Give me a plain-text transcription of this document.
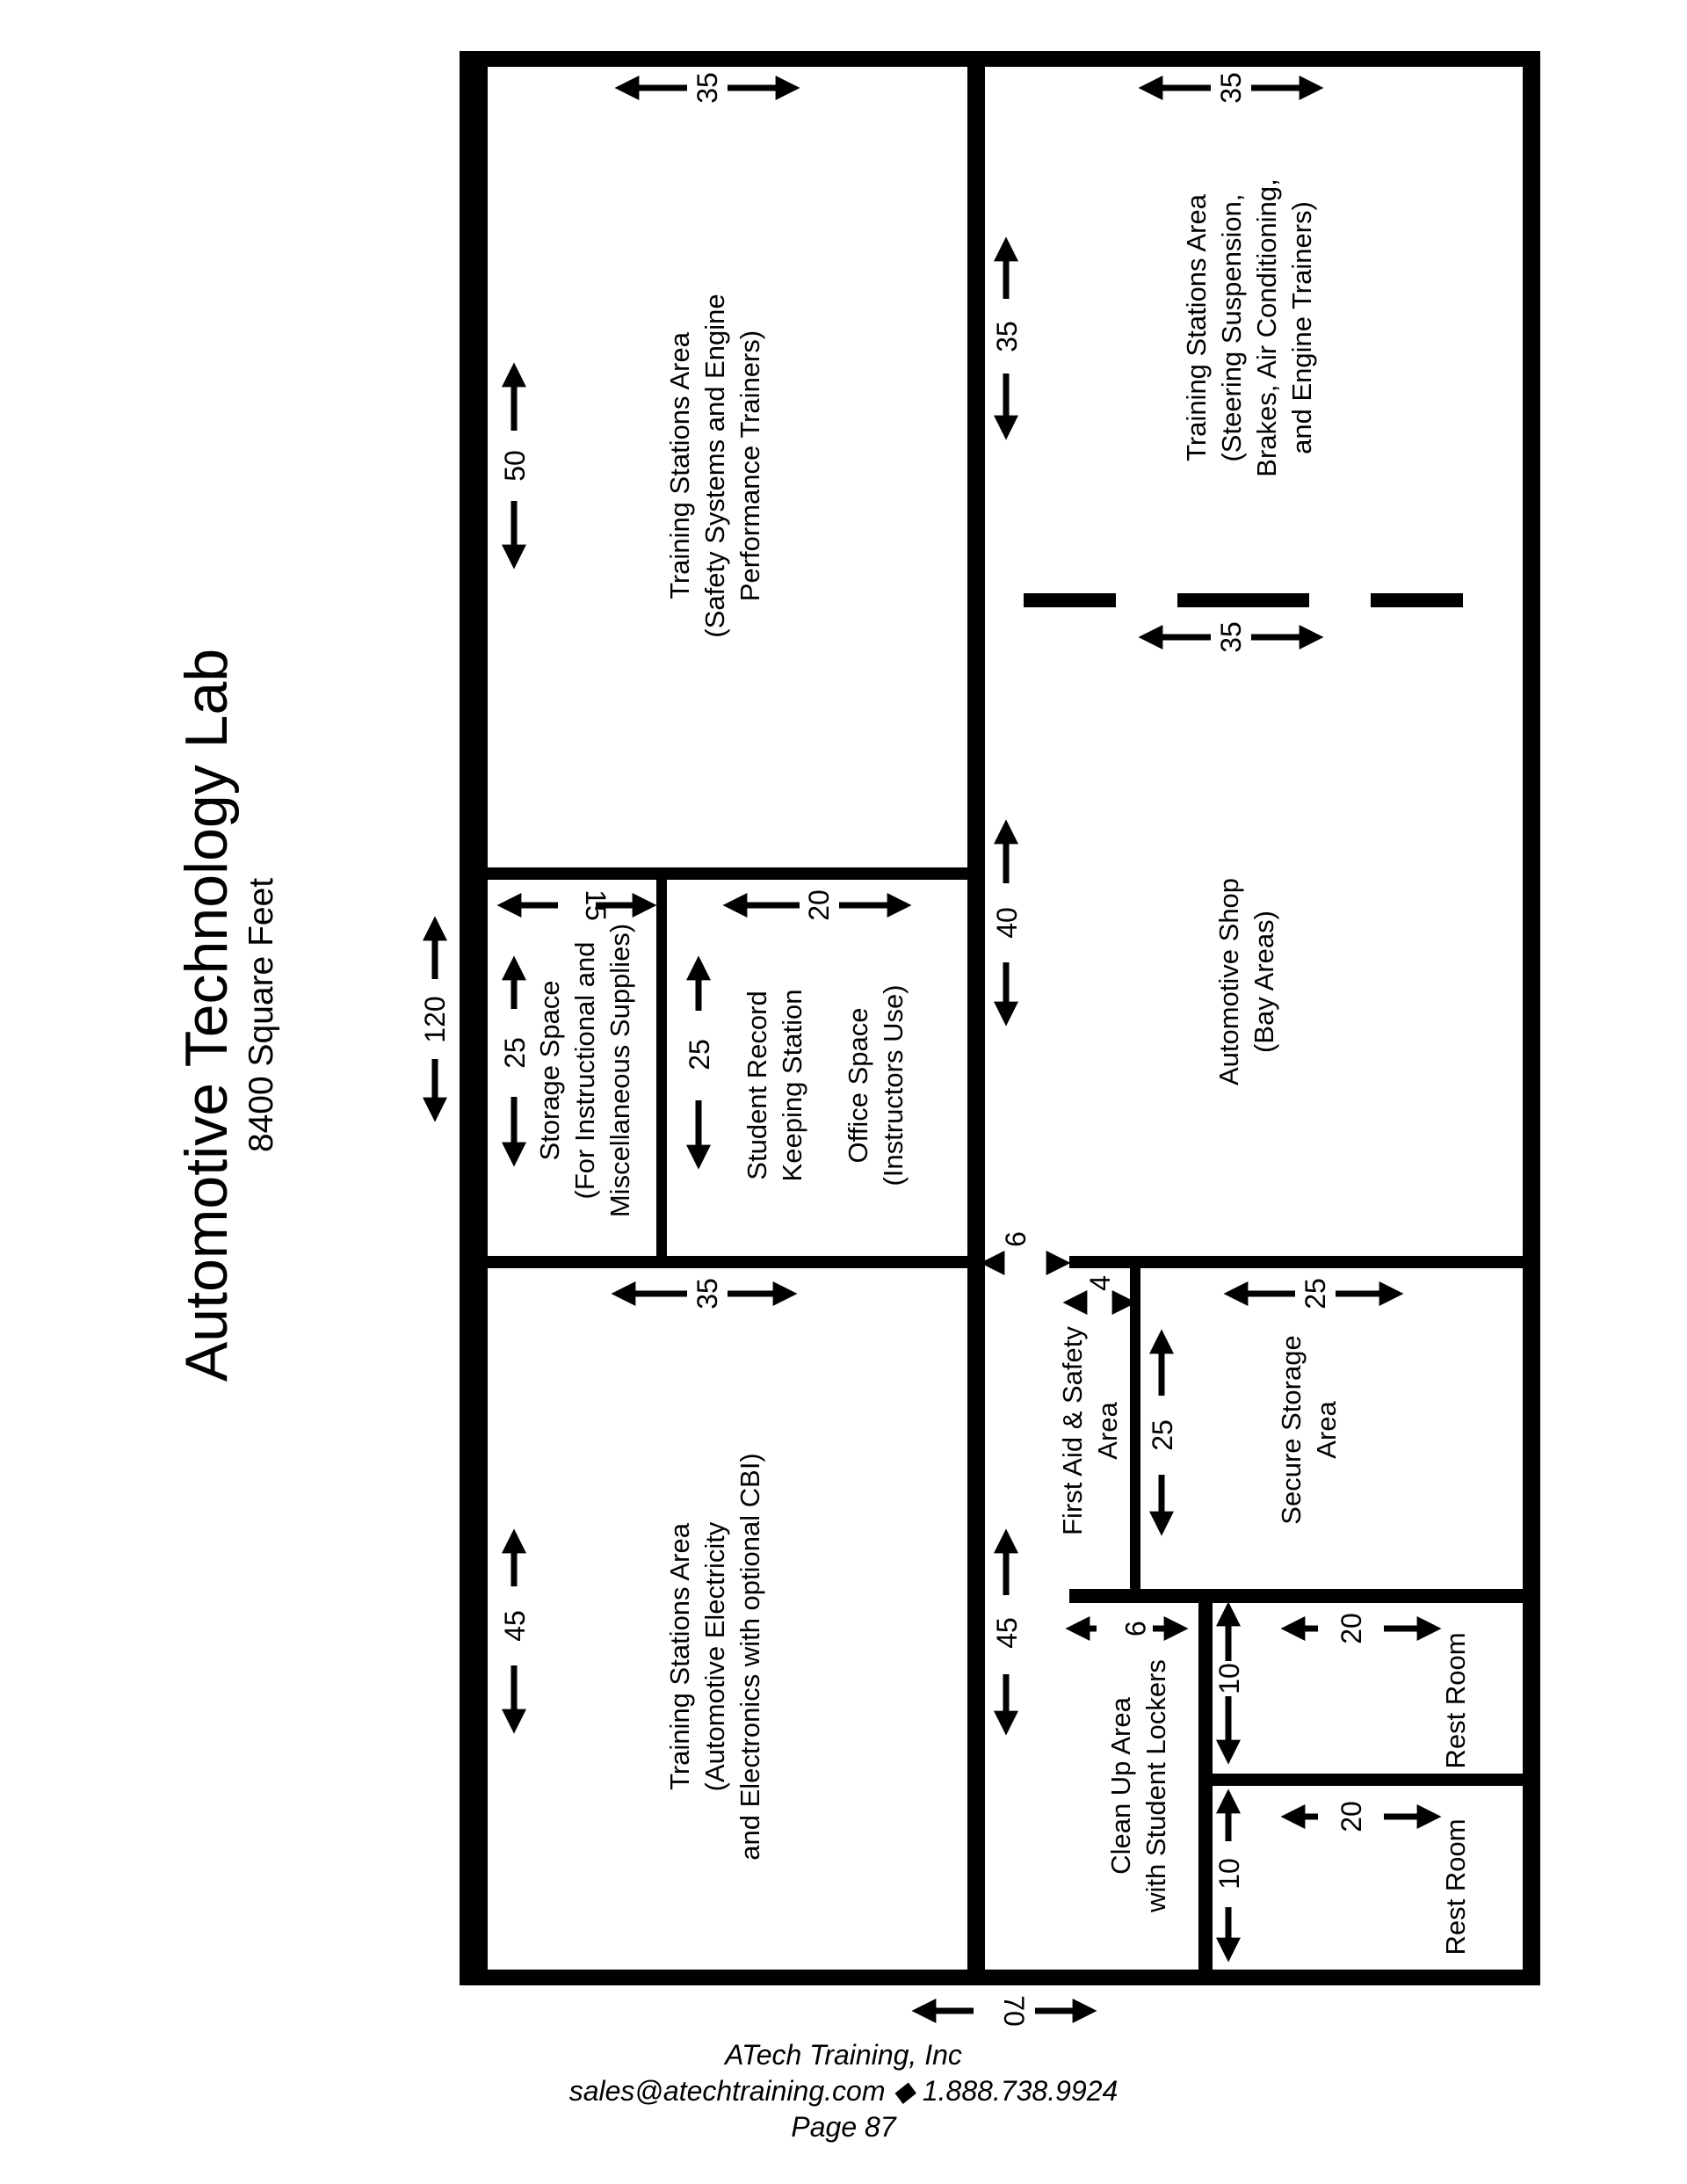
Automotive Technology Lab 8400 Square Feet	120
70
35
50
35
35
35
40
15
25
20
25
35
45	45
6
4	25
25
9	20
10
20
10
Training Stations Area (Safety Systems and Engine Performance Trainers)
Training Stations Area (Steering Suspension, Brakes, Air Conditioning, and Engine Trainers)
Automotive Shop (Bay Areas)
Storage Space (For Instructional and Miscellaneous Supplies)	Student Record Keeping Station Office Space (Instructors Use)
Training Stations Area (Automotive Electricity and Electronics with optional CBI)
First Aid & Safety Area	Secure Storage Area
Clean Up Area with Student Lockers	Rest Room
Rest Room
ATech Training, Inc
sales@atechtraining.com ◆ 1.888.738.9924
Page 87
